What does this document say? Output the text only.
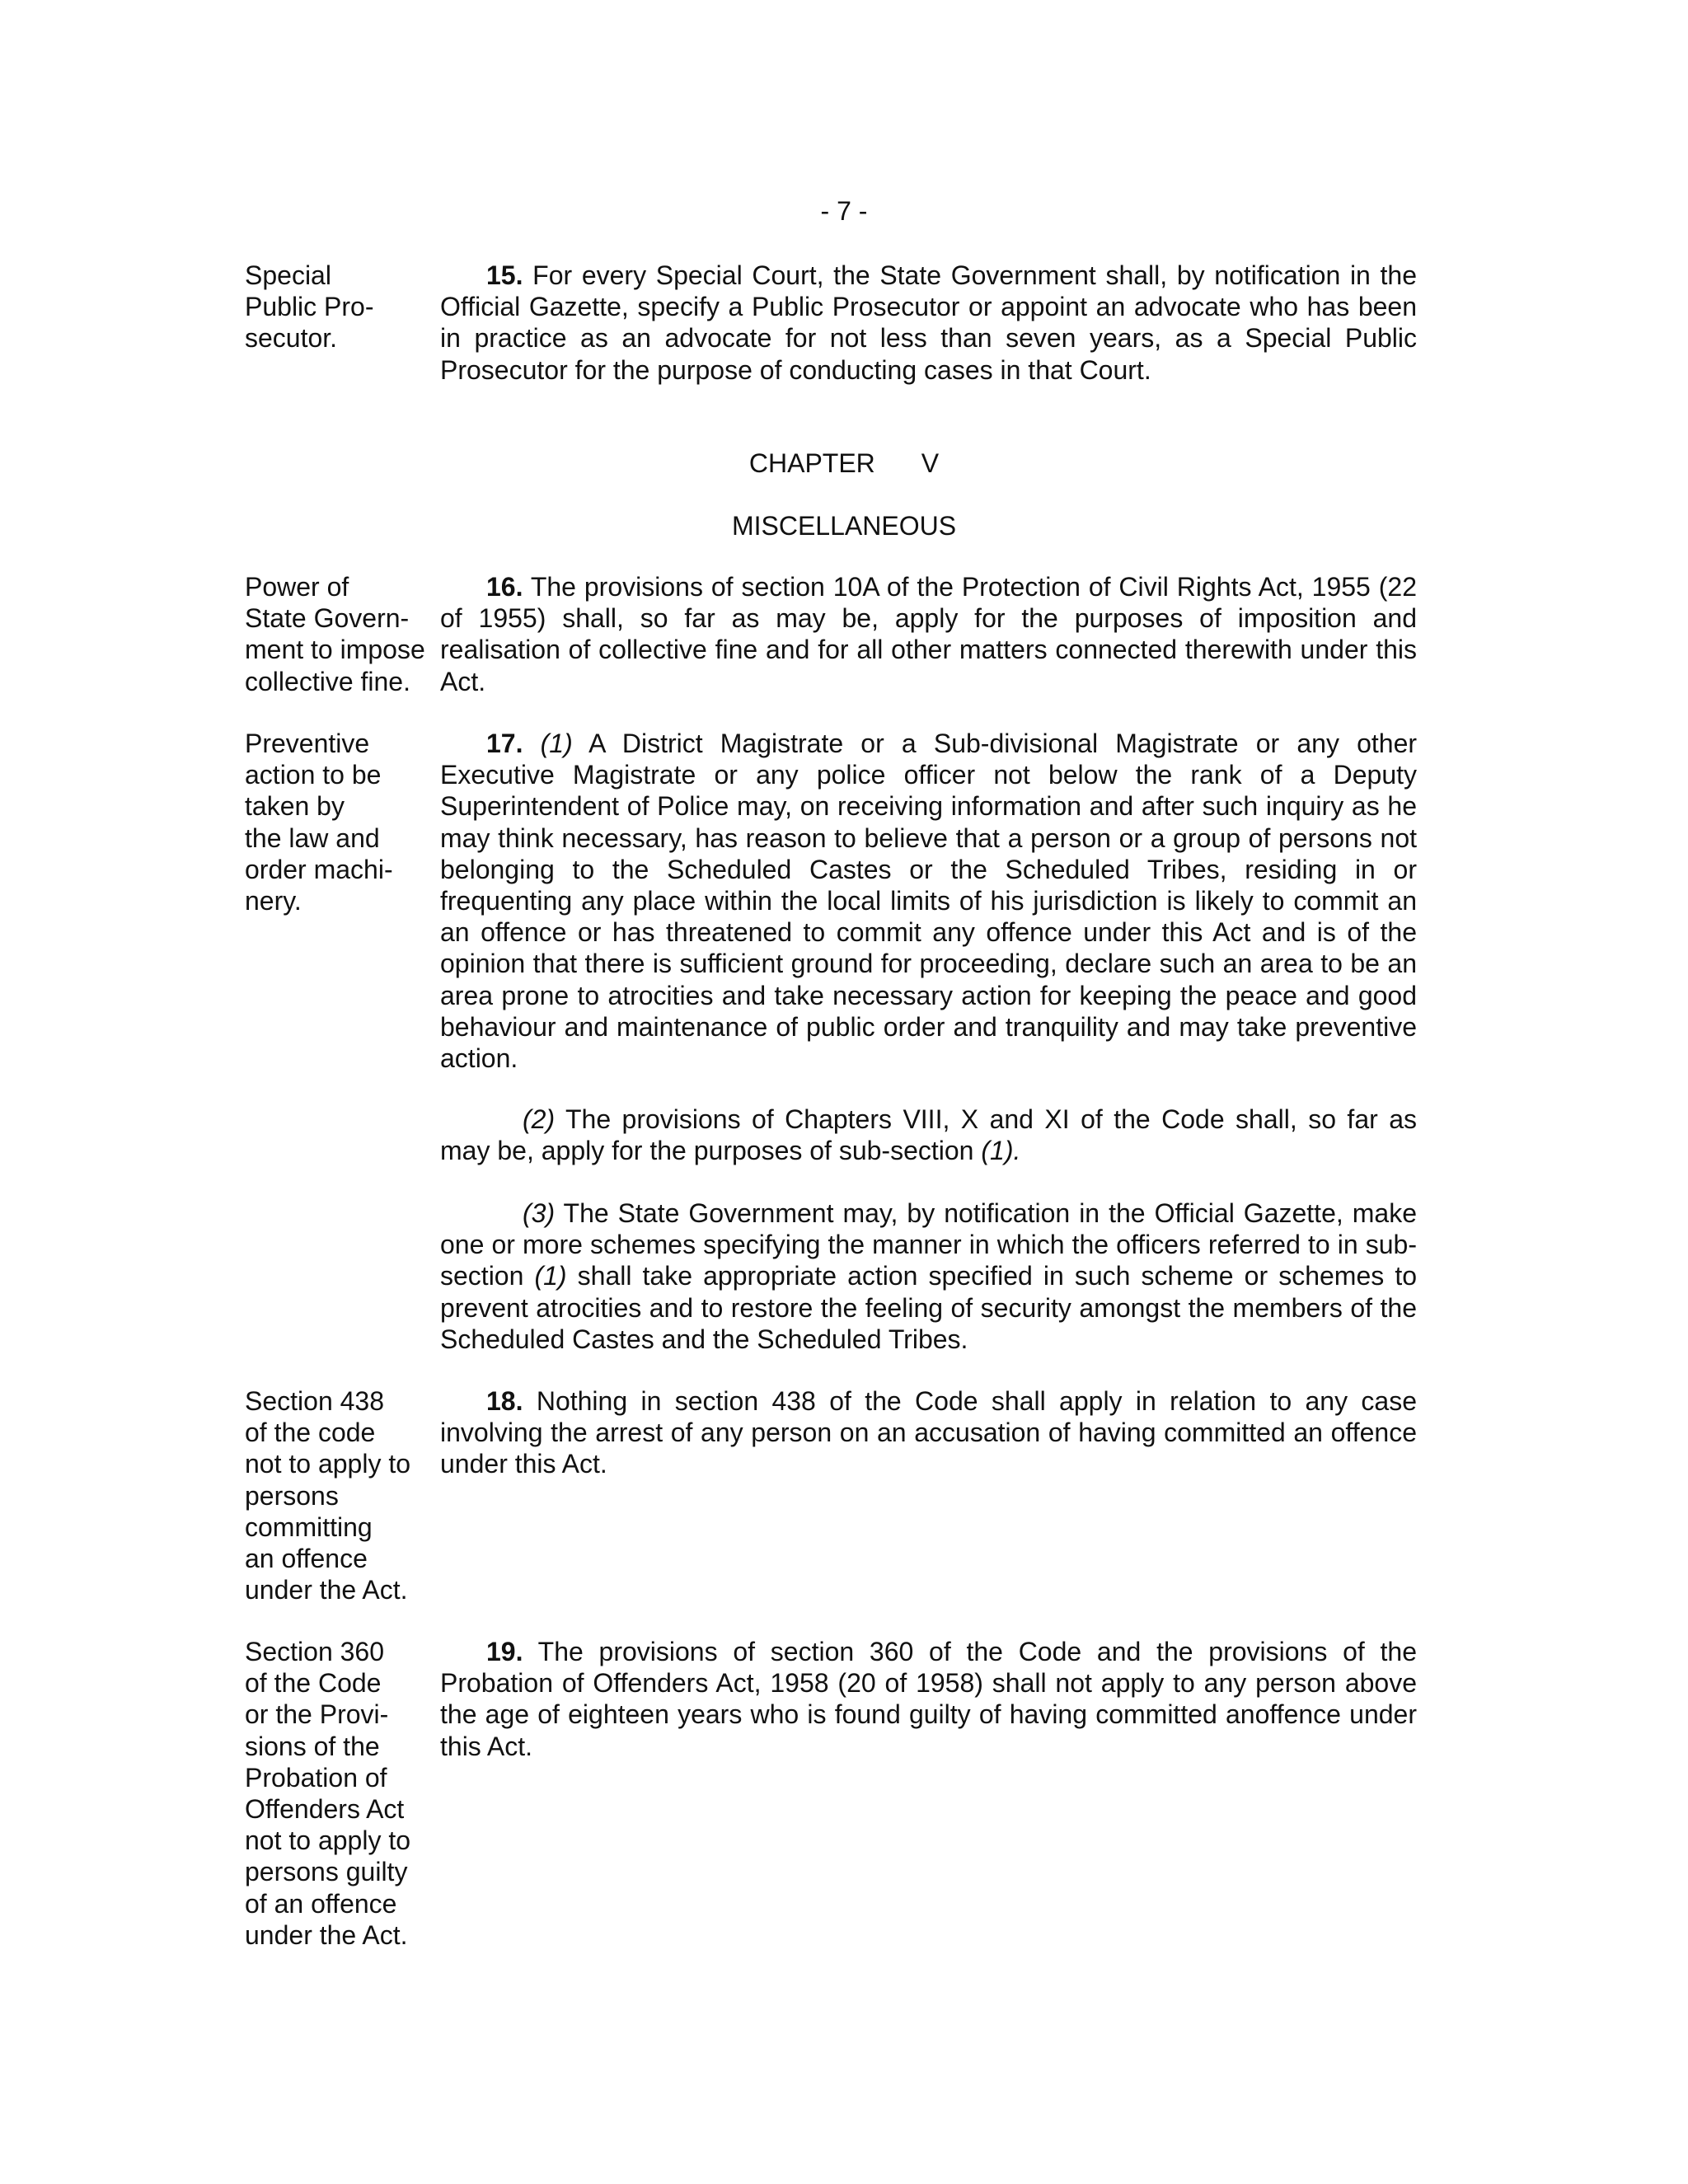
- 7 -
Special
Public Pro-
secutor.
15. For every Special Court, the State Government shall, by notification in the Official Gazette, specify a Public Prosecutor or appoint an advocate who has been in practice as an advocate for not less than seven years, as a Special Public Prosecutor for the purpose of conducting cases in that Court.
CHAPTER V
MISCELLANEOUS
Power of
State Govern-
ment to impose
collective fine.
16. The provisions of section 10A of the Protection of Civil Rights Act, 1955 (22 of 1955) shall, so far as may be, apply for the purposes of imposition and realisation of collective fine and for all other matters connected therewith under this Act.
Preventive
action to be
taken by
the law and
order machi-
nery.
17. (1) A District Magistrate or a Sub-divisional Magistrate or any other Executive Magistrate or any police officer not below the rank of a Deputy Superintendent of Police may, on receiving information and after such inquiry as he may think necessary, has reason to believe that a person or a group of persons not belonging to the Scheduled Castes or the Scheduled Tribes, residing in or frequenting any place within the local limits of his jurisdiction is likely to commit an an offence or has threatened to commit any offence under this Act and is of the opinion that there is sufficient ground for proceeding, declare such an area to be an area prone to atrocities and take necessary action for keeping the peace and good behaviour and maintenance of public order and tranquility and may take preventive action.
(2) The provisions of Chapters VIII, X and XI of the Code shall, so far as may be, apply for the purposes of sub-section (1).
(3) The State Government may, by notification in the Official Gazette, make one or more schemes specifying the manner in which the officers referred to in sub-section (1) shall take appropriate action specified in such scheme or schemes to prevent atrocities and to restore the feeling of security amongst the members of the Scheduled Castes and the Scheduled Tribes.
Section 438
of the code
not to apply to
persons
committing
an offence
under the Act.
18. Nothing in section 438 of the Code shall apply in relation to any case involving the arrest of any person on an accusation of having committed an offence under this Act.
Section 360
of the Code
or the Provi-
sions of the
Probation of
Offenders Act
not to apply to
persons guilty
of an offence
under the Act.
19. The provisions of section 360 of the Code and the provisions of the Probation of Offenders Act, 1958 (20 of 1958) shall not apply to any person above the age of eighteen years who is found guilty of having committed anoffence under this Act.
